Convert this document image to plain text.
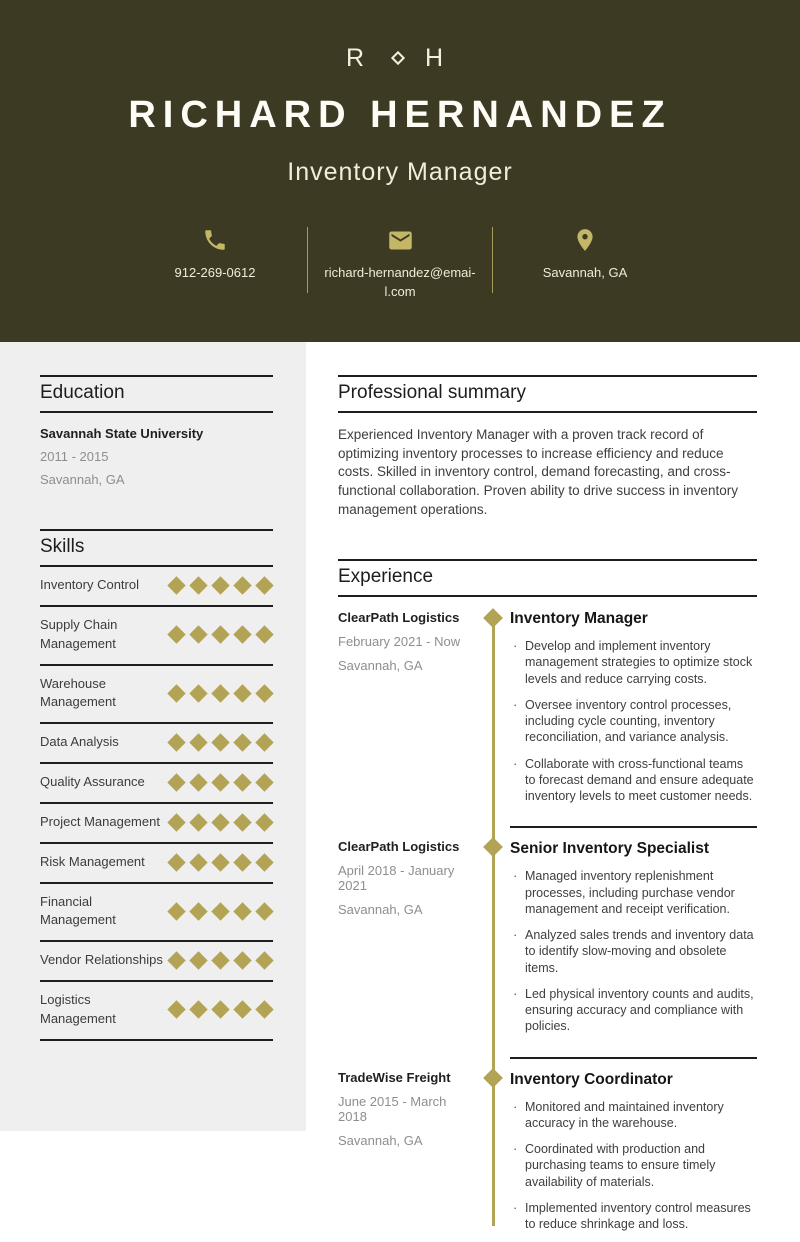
R H
RICHARD HERNANDEZ
Inventory Manager
912-269-0612	richard-hernandez@emai-
l.com
Savannah, GA
Education
Savannah State University
2011 - 2015
Savannah, GA
Skills
Inventory Control
Supply Chain
Management
Warehouse
Management
Data Analysis
Quality Assurance
Project Management
Risk Management
Financial Management
Vendor Relationships
Logistics Management
Professional summary
Experienced Inventory Manager with a proven track record of optimizing inventory processes to increase efficiency and reduce costs. Skilled in inventory control, demand forecasting, and cross-functional collaboration. Proven ability to drive success in inventory management operations.
Experience
ClearPath Logistics
February 2021 - Now
Savannah, GA
Inventory Manager
· Develop and implement inventory management strategies to optimize stock levels and reduce carrying costs.
· Oversee inventory control processes, including cycle counting, inventory reconciliation, and variance analysis.
· Collaborate with cross-functional teams to forecast demand and ensure adequate inventory levels to meet customer needs.
ClearPath Logistics
April 2018 - January 2021
Savannah, GA
Senior Inventory Specialist
· Managed inventory replenishment processes, including purchase vendor management and receipt verification.
· Analyzed sales trends and inventory data to identify slow-moving and obsolete items.
· Led physical inventory counts and audits, ensuring accuracy and compliance with policies.
TradeWise Freight
June 2015 - March 2018
Savannah, GA
Inventory Coordinator
· Monitored and maintained inventory accuracy in the warehouse.
· Coordinated with production and purchasing teams to ensure timely availability of materials.
· Implemented inventory control measures to reduce shrinkage and loss.
